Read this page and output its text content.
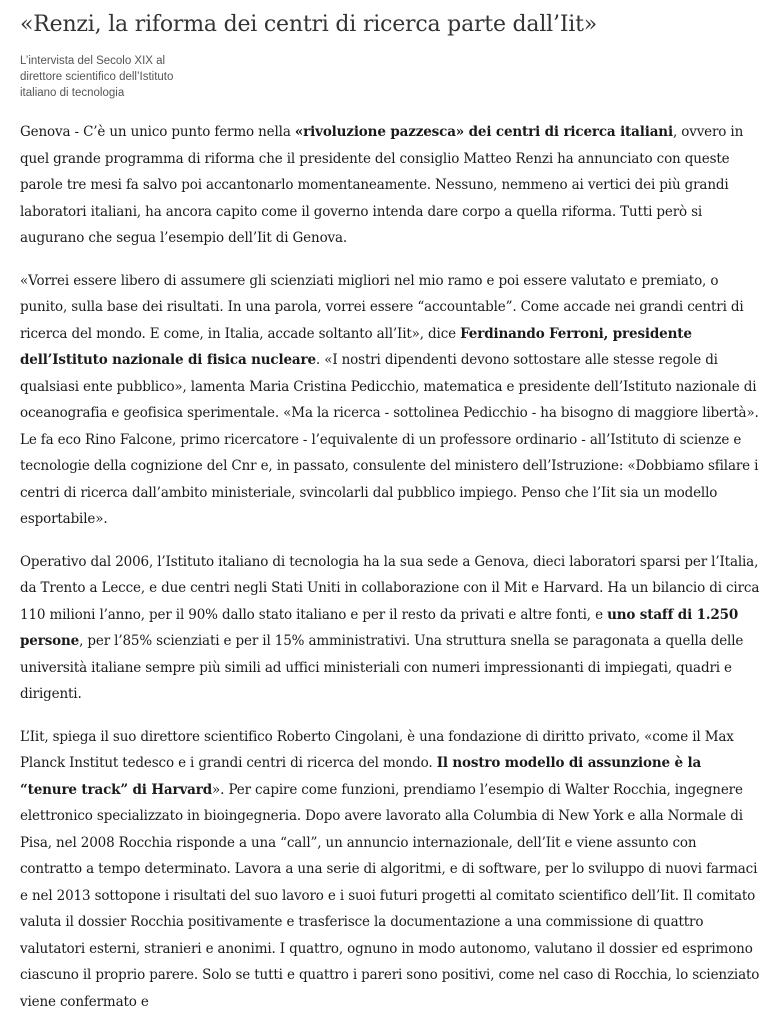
«Renzi, la riforma dei centri di ricerca parte dall’Iit»
L’intervista del Secolo XIX al direttore scientifico dell’Istituto italiano di tecnologia

Genova - C’è un unico punto fermo nella «rivoluzione pazzesca» dei centri di ricerca italiani, ovvero in quel grande programma di riforma che il presidente del consiglio Matteo Renzi ha annunciato con queste parole tre mesi fa salvo poi accantonarlo momentaneamente. Nessuno, nemmeno ai vertici dei più grandi laboratori italiani, ha ancora capito come il governo intenda dare corpo a quella riforma. Tutti però si augurano che segua l’esempio dell’Iit di Genova.

«Vorrei essere libero di assumere gli scienziati migliori nel mio ramo e poi essere valutato e premiato, o punito, sulla base dei risultati. In una parola, vorrei essere “accountable”. Come accade nei grandi centri di ricerca del mondo. E come, in Italia, accade soltanto all’Iit», dice Ferdinando Ferroni, presidente dell’Istituto nazionale di fisica nucleare. «I nostri dipendenti devono sottostare alle stesse regole di qualsiasi ente pubblico», lamenta Maria Cristina Pedicchio, matematica e presidente dell’Istituto nazionale di oceanografia e geofisica sperimentale. «Ma la ricerca - sottolinea Pedicchio - ha bisogno di maggiore libertà». Le fa eco Rino Falcone, primo ricercatore - l’equivalente di un professore ordinario - all’Istituto di scienze e tecnologie della cognizione del Cnr e, in passato, consulente del ministero dell’Istruzione: «Dobbiamo sfilare i centri di ricerca dall’ambito ministeriale, svincolarli dal pubblico impiego. Penso che l’Iit sia un modello esportabile».

Operativo dal 2006, l’Istituto italiano di tecnologia ha la sua sede a Genova, dieci laboratori sparsi per l’Italia, da Trento a Lecce, e due centri negli Stati Uniti in collaborazione con il Mit e Harvard. Ha un bilancio di circa 110 milioni l’anno, per il 90% dallo stato italiano e per il resto da privati e altre fonti, e uno staff di 1.250 persone, per l’85% scienziati e per il 15% amministrativi. Una struttura snella se paragonata a quella delle università italiane sempre più simili ad uffici ministeriali con numeri impressionanti di impiegati, quadri e dirigenti.

L’Iit, spiega il suo direttore scientifico Roberto Cingolani, è una fondazione di diritto privato, «come il Max Planck Institut tedesco e i grandi centri di ricerca del mondo. Il nostro modello di assunzione è la “tenure track” di Harvard». Per capire come funzioni, prendiamo l’esempio di Walter Rocchia, ingegnere elettronico specializzato in bioingegneria. Dopo avere lavorato alla Columbia di New York e alla Normale di Pisa, nel 2008 Rocchia risponde a una “call”, un annuncio internazionale, dell’Iit e viene assunto con contratto a tempo determinato. Lavora a una serie di algoritmi, e di software, per lo sviluppo di nuovi farmaci e nel 2013 sottopone i risultati del suo lavoro e i suoi futuri progetti al comitato scientifico dell’Iit. Il comitato valuta il dossier Rocchia positivamente e trasferisce la documentazione a una commissione di quattro valutatori esterni, stranieri e anonimi. I quattro, ognuno in modo autonomo, valutano il dossier ed esprimono ciascuno il proprio parere. Solo se tutti e quattro i pareri sono positivi, come nel caso di Rocchia, lo scienziato viene confermato e
